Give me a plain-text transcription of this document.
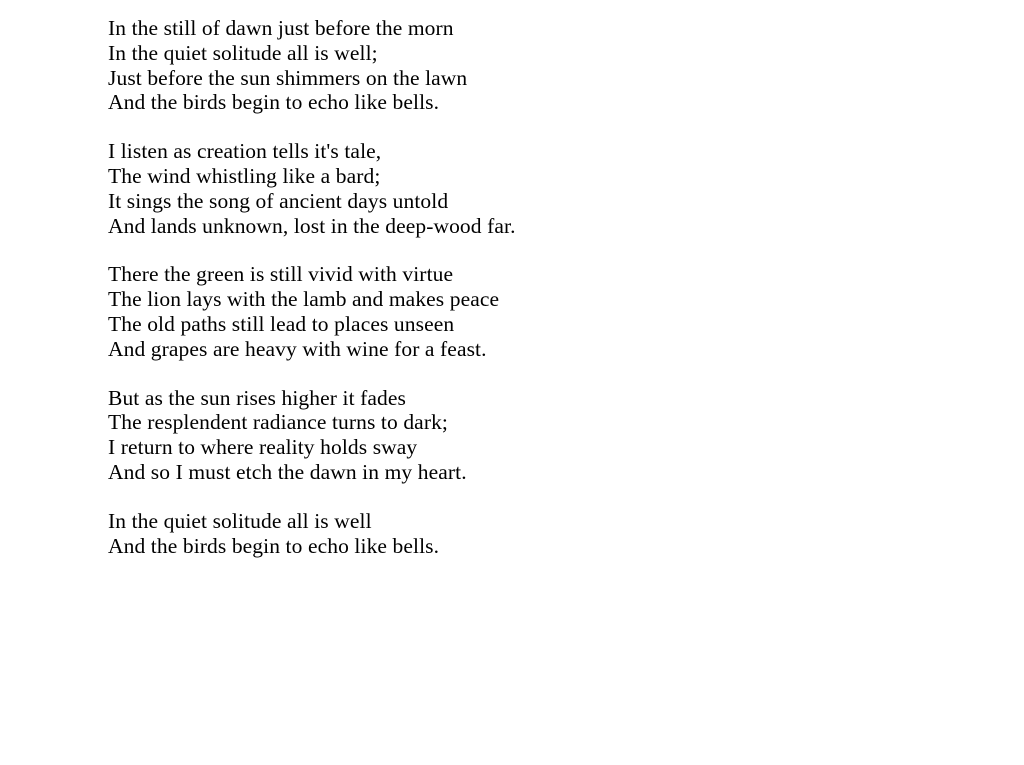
In the still of dawn just before the morn
In the quiet solitude all is well;
Just before the sun shimmers on the lawn
And the birds begin to echo like bells.
I listen as creation tells it's tale,
The wind whistling like a bard;
It sings the song of ancient days untold
And lands unknown, lost in the deep-wood far.
There the green is still vivid with virtue
The lion lays with the lamb and makes peace
The old paths still lead to places unseen
And grapes are heavy with wine for a feast.
But as the sun rises higher it fades
The resplendent radiance turns to dark;
I return to where reality holds sway
And so I must etch the dawn in my heart.
In the quiet solitude all is well
And the birds begin to echo like bells.
